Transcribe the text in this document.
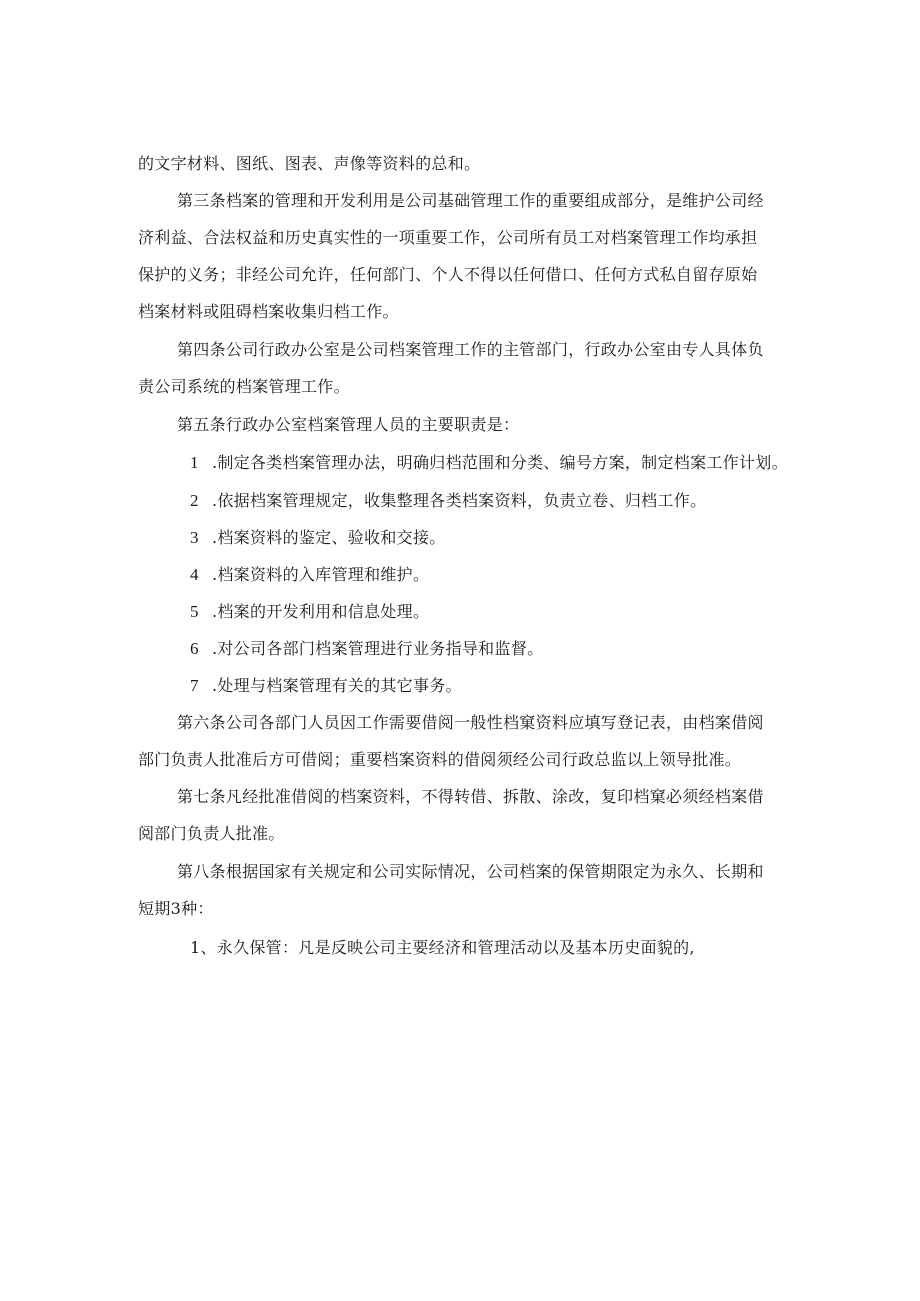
的文字材料、图纸、图表、声像等资料的总和。
第三条档案的管理和开发利用是公司基础管理工作的重要组成部分，是维护公司经
济利益、合法权益和历史真实性的一项重要工作，公司所有员工对档案管理工作均承担
保护的义务；非经公司允许，任何部门、个人不得以任何借口、任何方式私自留存原始
档案材料或阻碍档案收集归档工作。
第四条公司行政办公室是公司档案管理工作的主管部门，行政办公室由专人具体负
责公司系统的档案管理工作。
第五条行政办公室档案管理人员的主要职责是：
1 .制定各类档案管理办法，明确归档范围和分类、编号方案，制定档案工作计划。
2 .依据档案管理规定，收集整理各类档案资料，负责立卷、归档工作。
3 .档案资料的鉴定、验收和交接。
4 .档案资料的入库管理和维护。
5 .档案的开发利用和信息处理。
6 .对公司各部门档案管理进行业务指导和监督。
7 .处理与档案管理有关的其它事务。
第六条公司各部门人员因工作需要借阅一般性档窠资料应填写登记表，由档案借阅
部门负责人批准后方可借阅；重要档案资料的借阅须经公司行政总监以上领导批准。
第七条凡经批准借阅的档案资料，不得转借、拆散、涂改，复印档窠必须经档案借
阅部门负责人批准。
第八条根据国家有关规定和公司实际情况，公司档案的保管期限定为永久、长期和
短期3种：
1、永久保管：凡是反映公司主要经济和管理活动以及基本历史面貌的,
